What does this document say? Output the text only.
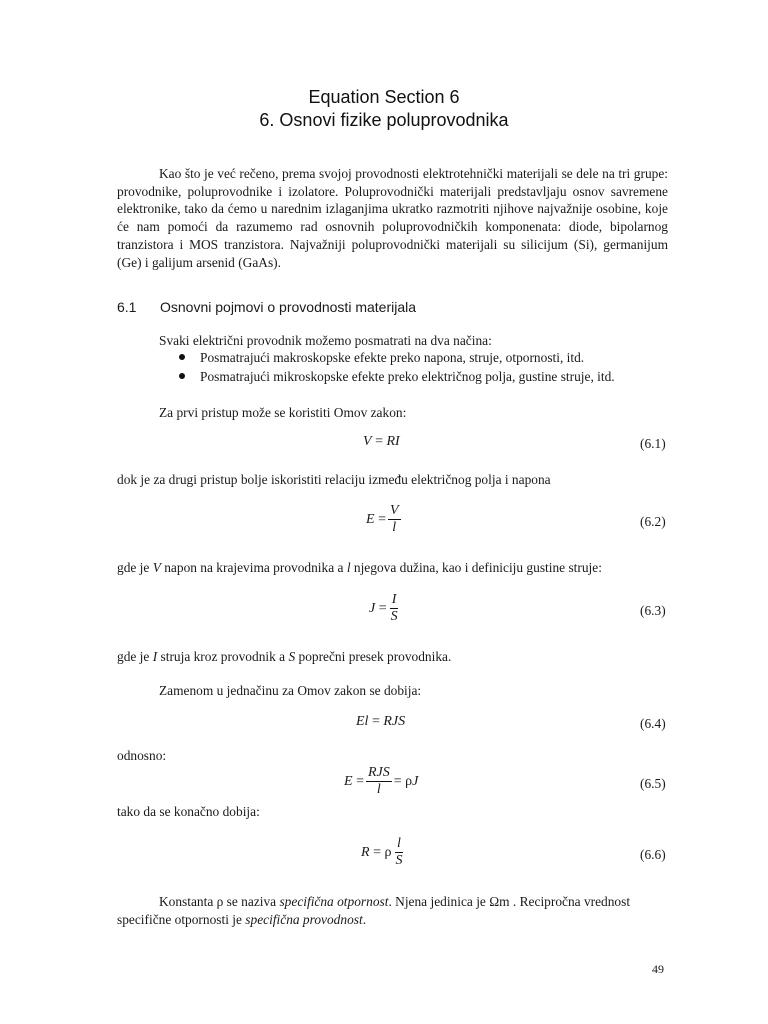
Equation Section 6
6. Osnovi fizike poluprovodnika
Kao što je već rečeno, prema svojoj provodnosti elektrotehnički materijali se dele na tri grupe: provodnike, poluprovodnike i izolatore. Poluprovodnički materijali predstavljaju osnov savremene elektronike, tako da ćemo u narednim izlaganjima ukratko razmotriti njihove najvažnije osobine, koje će nam pomoći da razumemo rad osnovnih poluprovodničkih komponenata: diode, bipolarnog tranzistora i MOS tranzistora. Najvažniji poluprovodnički materijali su silicijum (Si), germanijum (Ge) i galijum arsenid (GaAs).
6.1 Osnovni pojmovi o provodnosti materijala
Svaki električni provodnik možemo posmatrati na dva načina:
Posmatrajući makroskopske efekte preko napona, struje, otpornosti, itd.
Posmatrajući mikroskopske efekte preko električnog polja, gustine struje, itd.
Za prvi pristup može se koristiti Omov zakon:
V
=
RI	(6.1)
dok je za drugi pristup bolje iskoristiti relaciju između električnog polja i napona
E
= $\frac{V}{l}$	(6.2)
gde je V napon na krajevima provodnika a l njegova dužina, kao i definiciju gustine struje:
J
= $\frac{I}{S}$	(6.3)
gde je I struja kroz provodnik a S poprečni presek provodnika.
Zamenom u jednačinu za Omov zakon se dobija:
El
=
RJS	(6.4)
odnosno:
E
= $\frac{\text{RJS}}{l}$ =
ρ J	(6.5)
tako da se konačno dobija:
R
=
ρ $\frac{l}{S}$	(6.6)
Konstanta ρ se naziva specifična otpornost. Njena jedinica je Ωm . Recipročna vrednost
specifične otpornosti je specifična provodnost.
49
